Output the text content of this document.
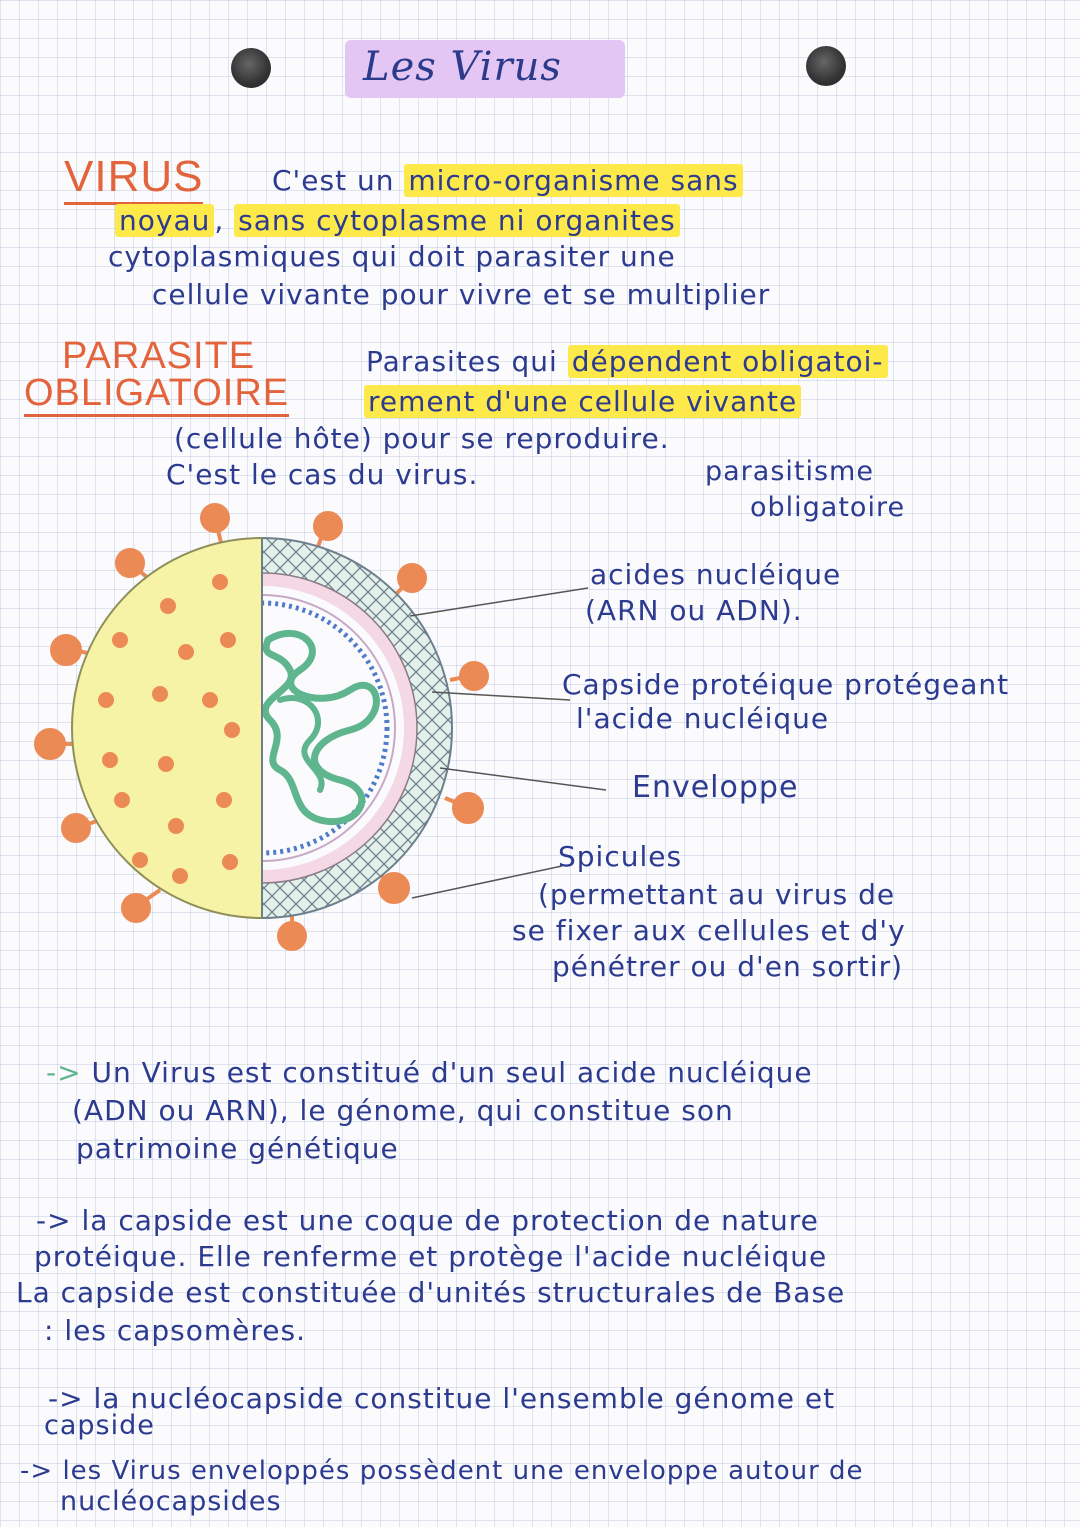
Les Virus
VIRUS C'est un micro-organisme sans
noyau , sans cytoplasme ni organites
cytoplasmiques qui doit parasiter une
cellule vivante pour vivre et se multiplier
PARASITE
OBLIGATOIRE
Parasites qui dépendent obligatoi-
rement d'une cellule vivante
(cellule hôte) pour se reproduire.
C'est le cas du virus.	parasitisme
obligatoire
acides nucléique
(ARN ou ADN).
Capside protéique protégeant
l'acide nucléique
Enveloppe
Spicules
(permettant au virus de
se fixer aux cellules et d'y
pénétrer ou d'en sortir)
-> Un Virus est constitué d'un seul acide nucléique
(ADN ou ARN), le génome, qui constitue son
patrimoine génétique
-> la capside est une coque de protection de nature
protéique. Elle renferme et protège l'acide nucléique
La capside est constituée d'unités structurales de Base
: les capsomères.
-> la nucléocapside constitue l'ensemble génome et
capside
-> les Virus enveloppés possèdent une enveloppe autour de
nucléocapsides
